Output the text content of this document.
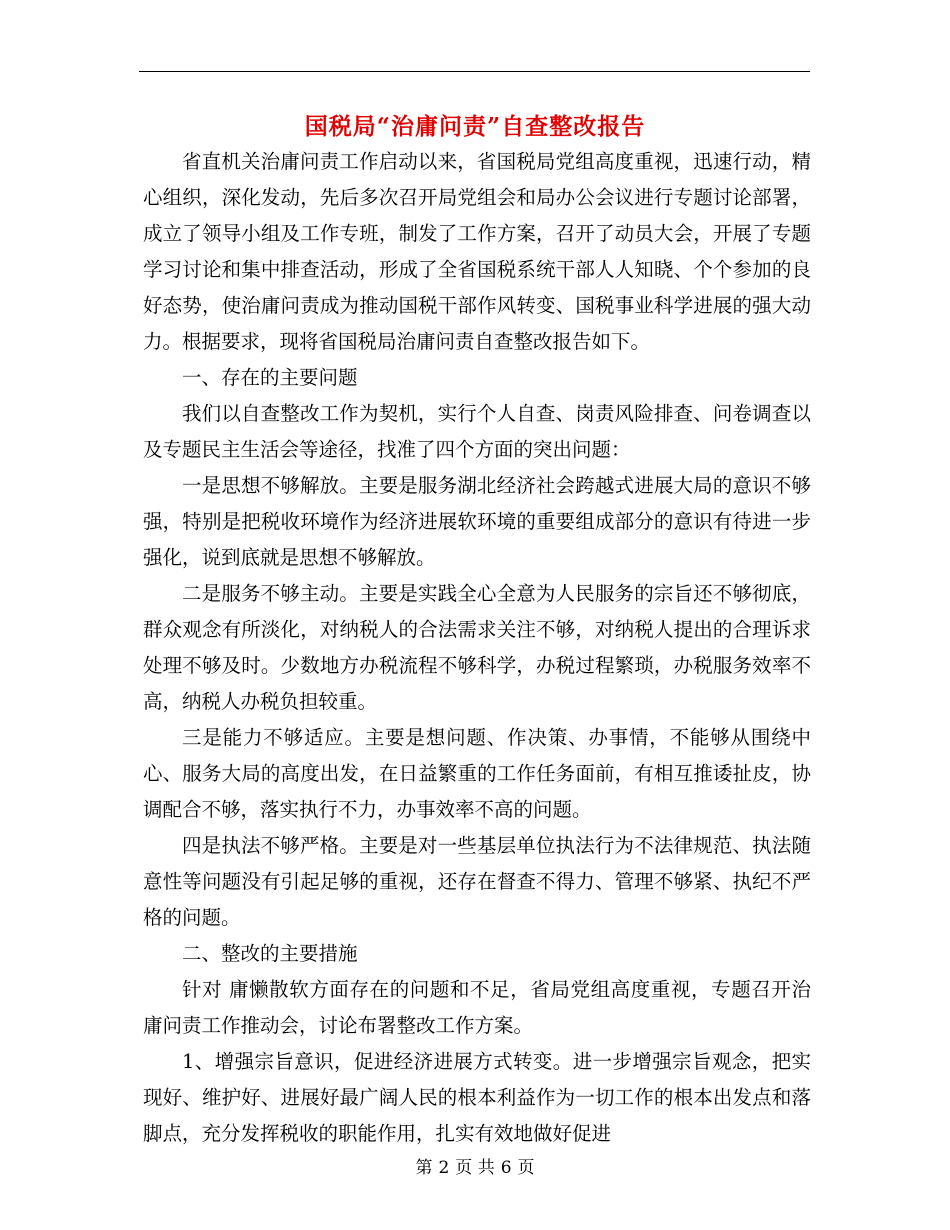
国税局“治庸问责”自查整改报告

省直机关治庸问责工作启动以来，省国税局党组高度重视，迅速行动，精心组织，深化发动，先后多次召开局党组会和局办公会议进行专题讨论部署，成立了领导小组及工作专班，制发了工作方案，召开了动员大会，开展了专题学习讨论和集中排查活动，形成了全省国税系统干部人人知晓、个个参加的良好态势，使治庸问责成为推动国税干部作风转变、国税事业科学进展的强大动力。根据要求，现将省国税局治庸问责自查整改报告如下。

一、存在的主要问题

我们以自查整改工作为契机，实行个人自查、岗责风险排查、问卷调查以及专题民主生活会等途径，找准了四个方面的突出问题：

一是思想不够解放。主要是服务湖北经济社会跨越式进展大局的意识不够强，特别是把税收环境作为经济进展软环境的重要组成部分的意识有待进一步强化，说到底就是思想不够解放。

二是服务不够主动。主要是实践全心全意为人民服务的宗旨还不够彻底，群众观念有所淡化，对纳税人的合法需求关注不够，对纳税人提出的合理诉求处理不够及时。少数地方办税流程不够科学，办税过程繁琐，办税服务效率不高，纳税人办税负担较重。

三是能力不够适应。主要是想问题、作决策、办事情，不能够从围绕中心、服务大局的高度出发，在日益繁重的工作任务面前，有相互推诿扯皮，协调配合不够，落实执行不力，办事效率不高的问题。

四是执法不够严格。主要是对一些基层单位执法行为不法律规范、执法随意性等问题没有引起足够的重视，还存在督查不得力、管理不够紧、执纪不严格的问题。

二、整改的主要措施

针对 庸懒散软方面存在的问题和不足，省局党组高度重视，专题召开治庸问责工作推动会，讨论布署整改工作方案。

1、增强宗旨意识，促进经济进展方式转变。进一步增强宗旨观念，把实现好、维护好、进展好最广阔人民的根本利益作为一切工作的根本出发点和落脚点，充分发挥税收的职能作用，扎实有效地做好促进

第 2 页 共 6 页
